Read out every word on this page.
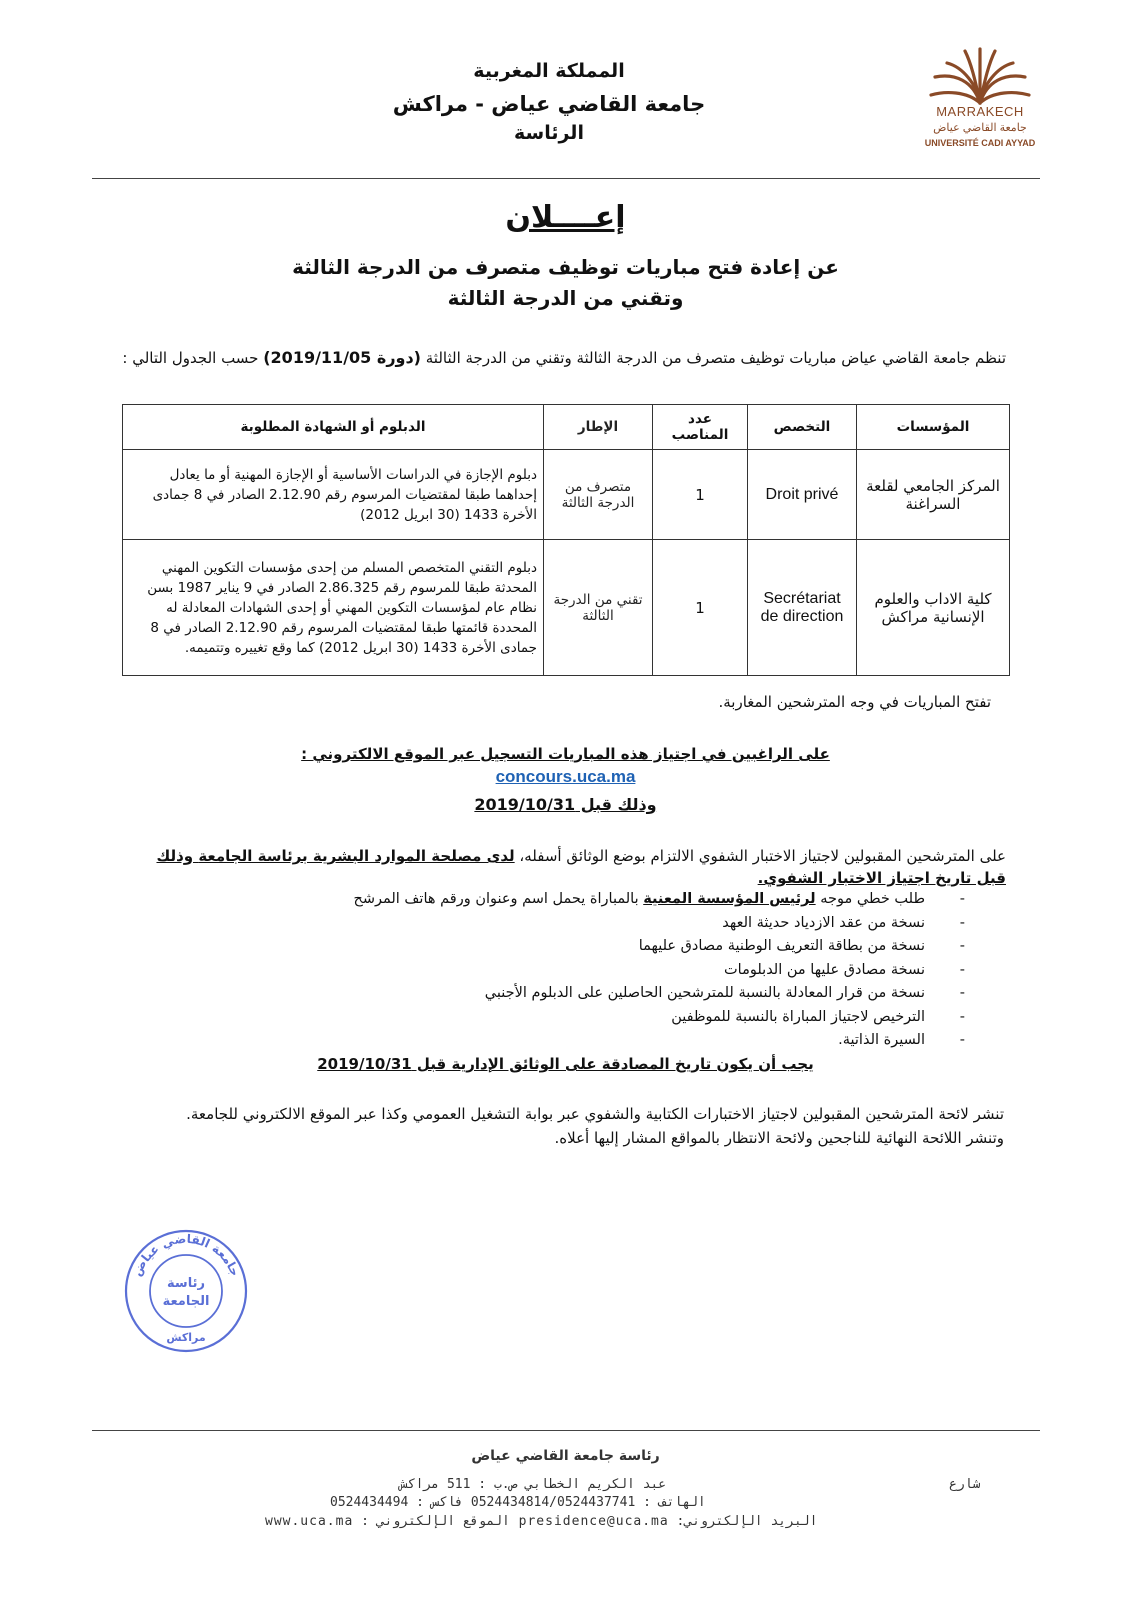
المملكة المغربية
جامعة القاضي عياض - مراكش
الرئاسة
MARRAKECH
جامعة القاضي عياض
UNIVERSITÉ CADI AYYAD
إعــــلان
عن إعادة فتح مباريات توظيف متصرف من الدرجة الثالثة
وتقني من الدرجة الثالثة
تنظم جامعة القاضي عياض مباريات توظيف متصرف من الدرجة الثالثة وتقني من الدرجة الثالثة (دورة 2019/11/05) حسب الجدول التالي :
المؤسسات	التخصص	عدد المناصب	الإطار	الدبلوم أو الشهادة المطلوبة
المركز الجامعي لقلعة السراغنة	Droit privé	1	متصرف من الدرجة الثالثة	دبلوم الإجازة في الدراسات الأساسية أو الإجازة المهنية أو ما يعادل إحداهما طبقا لمقتضيات المرسوم رقم 2.12.90 الصادر في 8 جمادى الأخرة 1433 (30 ابريل 2012)
كلية الاداب والعلوم الإنسانية مراكش	Secrétariat de direction	1	تقني من الدرجة الثالثة	دبلوم التقني المتخصص المسلم من إحدى مؤسسات التكوين المهني المحدثة طبقا للمرسوم رقم 2.86.325 الصادر في 9 يناير 1987 بسن نظام عام لمؤسسات التكوين المهني أو إحدى الشهادات المعادلة له المحددة قائمتها طبقا لمقتضيات المرسوم رقم 2.12.90 الصادر في 8 جمادى الأخرة 1433 (30 ابريل 2012) كما وقع تغييره وتتميمه.
تفتح المباريات في وجه المترشحين المغاربة.
على الراغبين في اجتياز هذه المباريات التسجيل عبر الموقع الالكتروني :
concours.uca.ma
وذلك قبل 2019/10/31
على المترشحين المقبولين لاجتياز الاختبار الشفوي الالتزام بوضع الوثائق أسفله، لدى مصلحة الموارد البشرية برئاسة الجامعة وذلك قبل تاريخ اجتياز الاختبار الشفوي.
- طلب خطي موجه لرئيس المؤسسة المعنية بالمباراة يحمل اسم وعنوان ورقم هاتف المرشح
- نسخة من عقد الازدياد حديثة العهد
- نسخة من بطاقة التعريف الوطنية مصادق عليهما
- نسخة مصادق عليها من الدبلومات
- نسخة من قرار المعادلة بالنسبة للمترشحين الحاصلين على الدبلوم الأجنبي
- الترخيص لاجتياز المباراة بالنسبة للموظفين
- السيرة الذاتية.
يجب أن يكون تاريخ المصادقة على الوثائق الإدارية قبل 2019/10/31
تنشر لائحة المترشحين المقبولين لاجتياز الاختبارات الكتابية والشفوي عبر بوابة التشغيل العمومي وكذا عبر الموقع الالكتروني للجامعة.
وتنشر اللائحة النهائية للناجحين ولائحة الانتظار بالمواقع المشار إليها أعلاه.
جامعة القاضي عياض
رئاسة
الجامعة
مراكش
رئاسة جامعة القاضي عياض
شارع
عبد الكريم الخطابي ص.ب : 511 مراكش
الهاتف : 0524434814/0524437741 فاكس : 0524434494
البريد الإلكتروني: presidence@uca.ma الموقع الإلكتروني : www.uca.ma
